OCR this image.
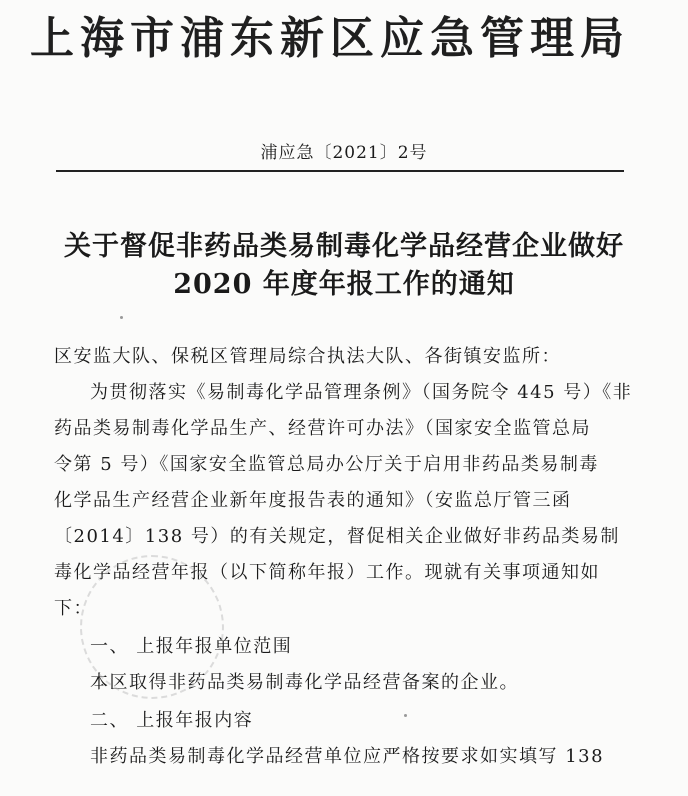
上海市浦东新区应急管理局
浦应急〔2021〕2号
关于督促非药品类易制毒化学品经营企业做好
2020 年度年报工作的通知
区安监大队、保税区管理局综合执法大队、各街镇安监所：
为贯彻落实《易制毒化学品管理条例》（国务院令 445 号）《非
药品类易制毒化学品生产、经营许可办法》（国家安全监管总局
令第 5 号）《国家安全监管总局办公厅关于启用非药品类易制毒
化学品生产经营企业新年度报告表的通知》（安监总厅管三函
〔2014〕138 号）的有关规定，督促相关企业做好非药品类易制
毒化学品经营年报（以下简称年报）工作。现就有关事项通知如
下：
一、 上报年报单位范围
本区取得非药品类易制毒化学品经营备案的企业。
二、 上报年报内容
非药品类易制毒化学品经营单位应严格按要求如实填写 138
